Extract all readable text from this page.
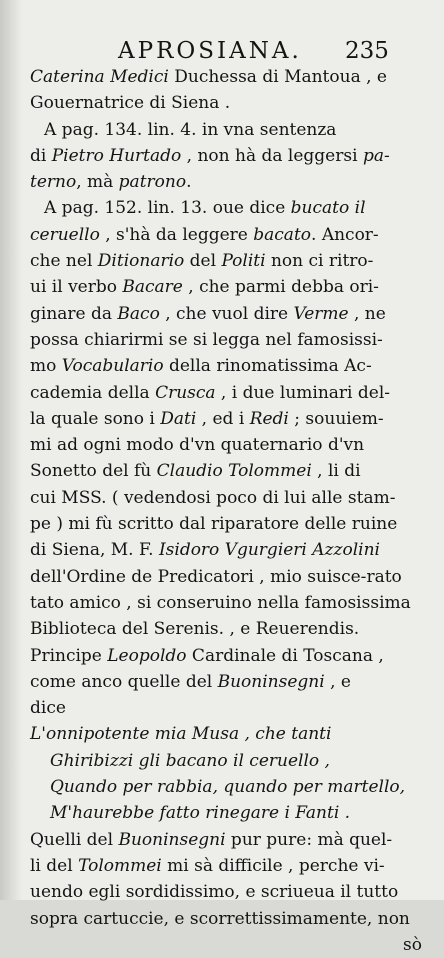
APROSIANA. 235
Caterina Medici Duchessa di Mantoua , e
Gouernatrice di Siena .
A pag. 134. lin. 4. in vna sentenza
di Pietro Hurtado , non hà da leggersi pa-
terno, mà patrono.
A pag. 152. lin. 13. oue dice bucato il
ceruello , s'hà da leggere bacato. Ancor-
che nel Ditionario del Politi non ci ritro-
ui il verbo Bacare , che parmi debba ori-
ginare da Baco , che vuol dire Verme , ne
possa chiarirmi se si legga nel famosissi-
mo Vocabulario della rinomatissima Ac-
cademia della Crusca , i due luminari del-
la quale sono i Dati , ed i Redi ; souuiem-
mi ad ogni modo d'vn quaternario d'vn
Sonetto del fù Claudio Tolommei , li di
cui MSS. ( vedendosi poco di lui alle stam-
pe ) mi fù scritto dal riparatore delle ruine
di Siena, M. F. Isidoro Vgurgieri Azzolini
dell'Ordine de Predicatori , mio suisce-rato
tato amico , si conseruino nella famosissima
Biblioteca del Serenis. , e Reuerendis.
Principe Leopoldo Cardinale di Toscana ,
come anco quelle del Buoninsegni , e
dice
L'onnipotente mia Musa , che tanti
Ghiribizzi gli bacano il ceruello ,
Quando per rabbia, quando per martello,
M'haurebbe fatto rinegare i Fanti .
Quelli del Buoninsegni pur pure: mà quel-
li del Tolommei mi sà difficile , perche vi-
uendo egli sordidissimo, e scriueua il tutto
sopra cartuccie, e scorrettissimamente, non
sò
